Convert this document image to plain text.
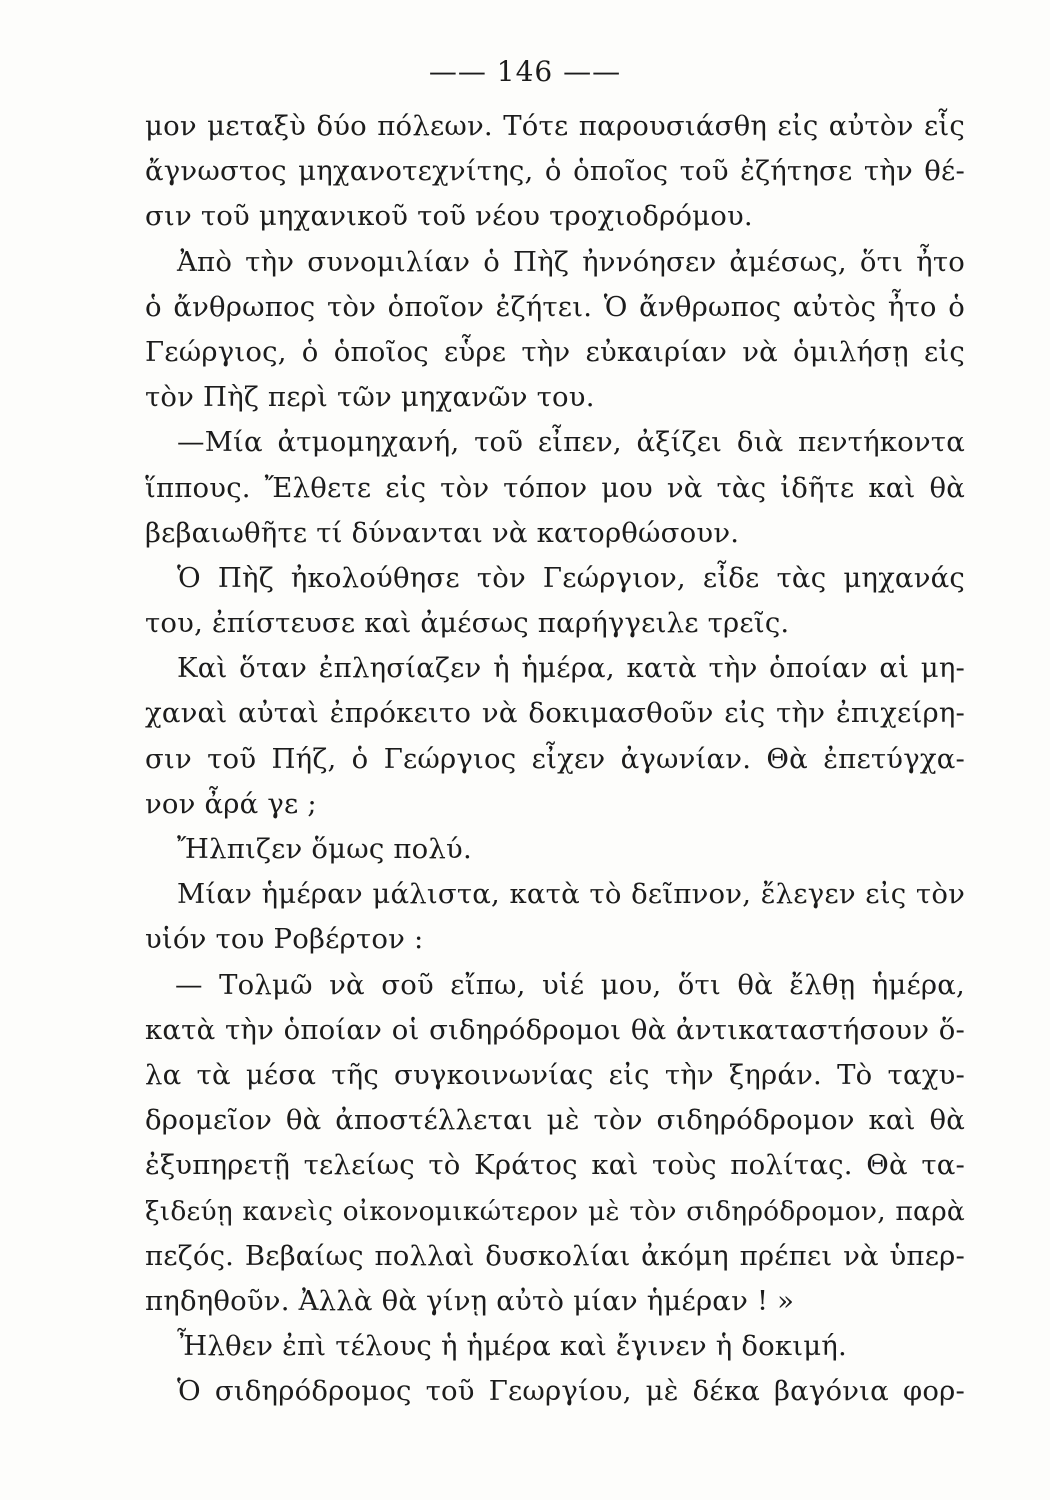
—— 146 ——
μον μεταξὺ δύο πόλεων. Τότε παρουσιάσθη εἰς αὐτὸν εἷς
ἄγνωστος μηχανοτεχνίτης, ὁ ὁποῖος τοῦ ἐζήτησε τὴν θέ-
σιν τοῦ μηχανικοῦ τοῦ νέου τροχιοδρόμου.
Ἀπὸ τὴν συνομιλίαν ὁ Πὴζ ἠννόησεν ἀμέσως, ὅτι ἦτο
ὁ ἄνθρωπος τὸν ὁποῖον ἐζήτει. Ὁ ἄνθρωπος αὐτὸς ἦτο ὁ
Γεώργιος, ὁ ὁποῖος εὗρε τὴν εὐκαιρίαν νὰ ὁμιλήσῃ εἰς
τὸν Πὴζ περὶ τῶν μηχανῶν του.
—Μία ἀτμομηχανή, τοῦ εἶπεν, ἀξίζει διὰ πεντήκοντα
ἵππους. Ἔλθετε εἰς τὸν τόπον μου νὰ τὰς ἰδῆτε καὶ θὰ
βεβαιωθῆτε τί δύνανται νὰ κατορθώσουν.
Ὁ Πὴζ ἠκολούθησε τὸν Γεώργιον, εἶδε τὰς μηχανάς
του, ἐπίστευσε καὶ ἀμέσως παρήγγειλε τρεῖς.
Καὶ ὅταν ἐπλησίαζεν ἡ ἡμέρα, κατὰ τὴν ὁποίαν αἱ μη-
χαναὶ αὐταὶ ἐπρόκειτο νὰ δοκιμασθοῦν εἰς τὴν ἐπιχείρη-
σιν τοῦ Πήζ, ὁ Γεώργιος εἶχεν ἀγωνίαν. Θὰ ἐπετύγχα-
νον ἆρά γε ;
Ἤλπιζεν ὅμως πολύ.
Μίαν ἡμέραν μάλιστα, κατὰ τὸ δεῖπνον, ἔλεγεν εἰς τὸν
υἱόν του Ροβέρτον :
— Τολμῶ νὰ σοῦ εἴπω, υἱέ μου, ὅτι θὰ ἔλθῃ ἡμέρα,
κατὰ τὴν ὁποίαν οἱ σιδηρόδρομοι θὰ ἀντικαταστήσουν ὅ-
λα τὰ μέσα τῆς συγκοινωνίας εἰς τὴν ξηράν. Τὸ ταχυ-
δρομεῖον θὰ ἀποστέλλεται μὲ τὸν σιδηρόδρομον καὶ θὰ
ἐξυπηρετῇ τελείως τὸ Κράτος καὶ τοὺς πολίτας. Θὰ τα-
ξιδεύῃ κανεὶς οἰκονομικώτερον μὲ τὸν σιδηρόδρομον, παρὰ
πεζός. Βεβαίως πολλαὶ δυσκολίαι ἀκόμη πρέπει νὰ ὑπερ-
πηδηθοῦν. Ἀλλὰ θὰ γίνῃ αὐτὸ μίαν ἡμέραν ! »
Ἦλθεν ἐπὶ τέλους ἡ ἡμέρα καὶ ἔγινεν ἡ δοκιμή.
Ὁ σιδηρόδρομος τοῦ Γεωργίου, μὲ δέκα βαγόνια φορ-
